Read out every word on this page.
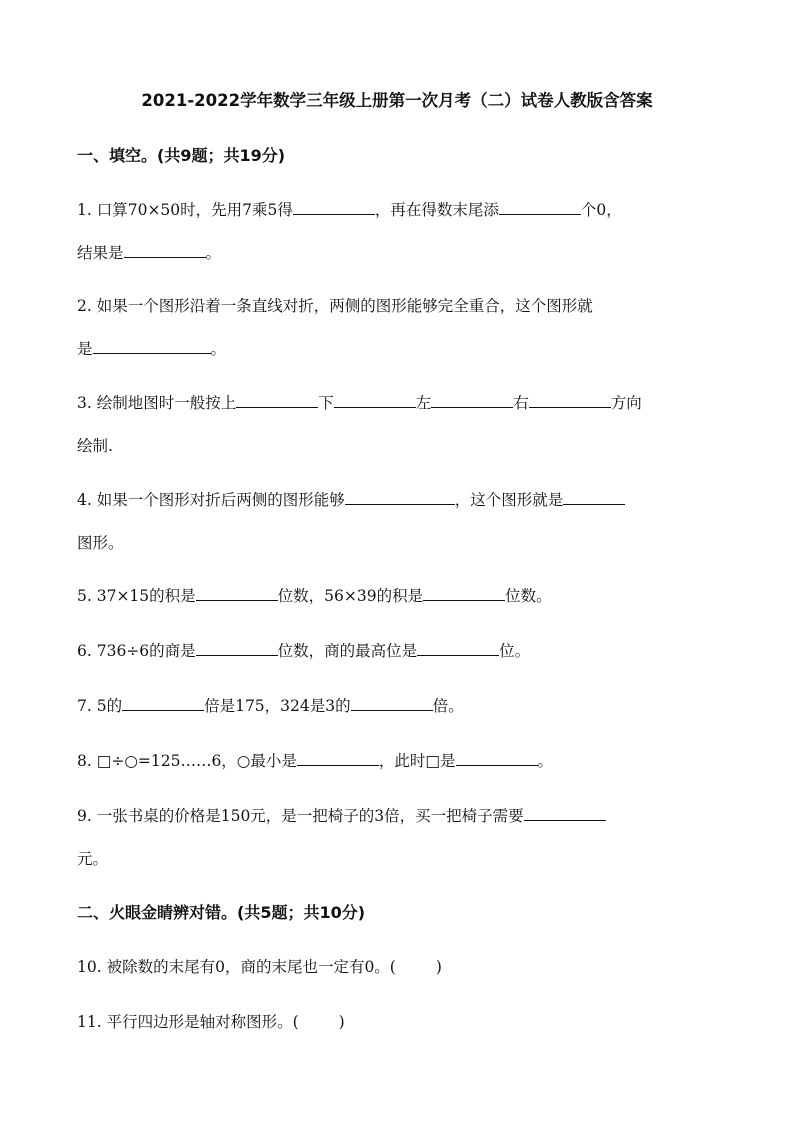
2021-2022学年数学三年级上册第一次月考（二）试卷人教版含答案
一、填空。(共9题；共19分)
1. 口算70×50时，先用7乘5得	，再在得数末尾添	个0，
结果是	。
2. 如果一个图形沿着一条直线对折，两侧的图形能够完全重合，这个图形就
是	。
3. 绘制地图时一般按上	下	左	右	方向
绘制.
4. 如果一个图形对折后两侧的图形能够	，这个图形就是
图形。
5. 37×15的积是	位数，56×39的积是	位数。
6. 736÷6的商是	位数，商的最高位是	位。
7. 5的	倍是175，324是3的	倍。
8. □÷○=125……6，○最小是	，此时□是	。
9. 一张书桌的价格是150元，是一把椅子的3倍，买一把椅子需要
元。
二、火眼金睛辨对错。(共5题；共10分)
10. 被除数的末尾有0，商的末尾也一定有0。(	)
11. 平行四边形是轴对称图形。(	)
